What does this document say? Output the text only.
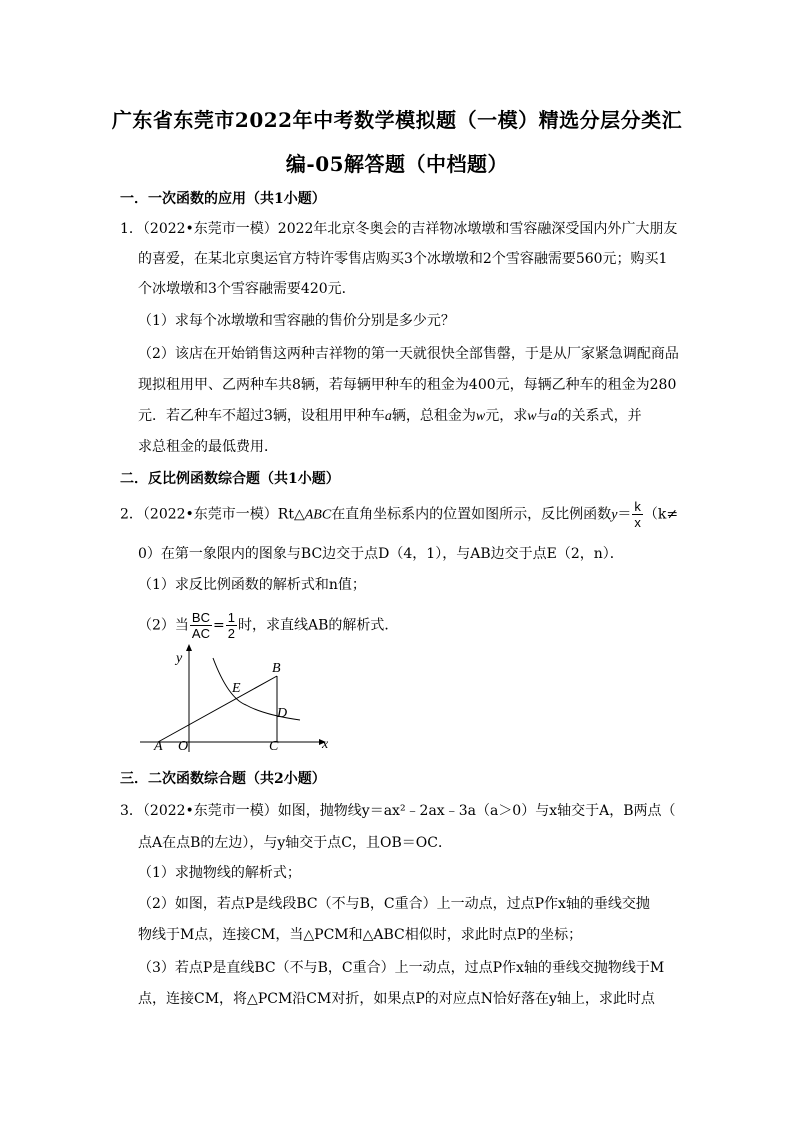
广东省东莞市2022年中考数学模拟题（一模）精选分层分类汇
编-05解答题（中档题）
一．一次函数的应用（共1小题）
1．（2022•东莞市一模）2022年北京冬奥会的吉祥物冰墩墩和雪容融深受国内外广大朋友
的喜爱，在某北京奥运官方特许零售店购买3个冰墩墩和2个雪容融需要560元；购买1
个冰墩墩和3个雪容融需要420元．
（1）求每个冰墩墩和雪容融的售价分别是多少元？
（2）该店在开始销售这两种吉祥物的第一天就很快全部售罄，于是从厂家紧急调配商品
现拟租用甲、乙两种车共8辆，若每辆甲种车的租金为400元，每辆乙种车的租金为280
元．若乙种车不超过3辆，设租用甲种车a辆，总租金为w元，求w与a的关系式，并
求总租金的最低费用．
二．反比例函数综合题（共1小题）
2．（2022•东莞市一模）Rt△ABC在直角坐标系内的位置如图所示，反比例函数$y= \frac{k}{x} (k\ne$
0）在第一象限内的图象与BC边交于点D（4，1），与AB边交于点E（2，n）．
（1）求反比例函数的解析式和n值；
（2）当 $\frac{BC}{AC} = \frac{1}{2}$ 时，求直线AB的解析式．
y
x
A O	C
B
E
D
三．二次函数综合题（共2小题）
3．（2022•东莞市一模）如图，抛物线y＝ax²﹣2ax﹣3a（a＞0）与x轴交于A，B两点（
点A在点B的左边），与y轴交于点C，且OB＝OC．
（1）求抛物线的解析式；
（2）如图，若点P是线段BC（不与B，C重合）上一动点，过点P作x轴的垂线交抛
物线于M点，连接CM，当△PCM和△ABC相似时，求此时点P的坐标；
（3）若点P是直线BC（不与B，C重合）上一动点，过点P作x轴的垂线交抛物线于M
点，连接CM，将△PCM沿CM对折，如果点P的对应点N恰好落在y轴上，求此时点
